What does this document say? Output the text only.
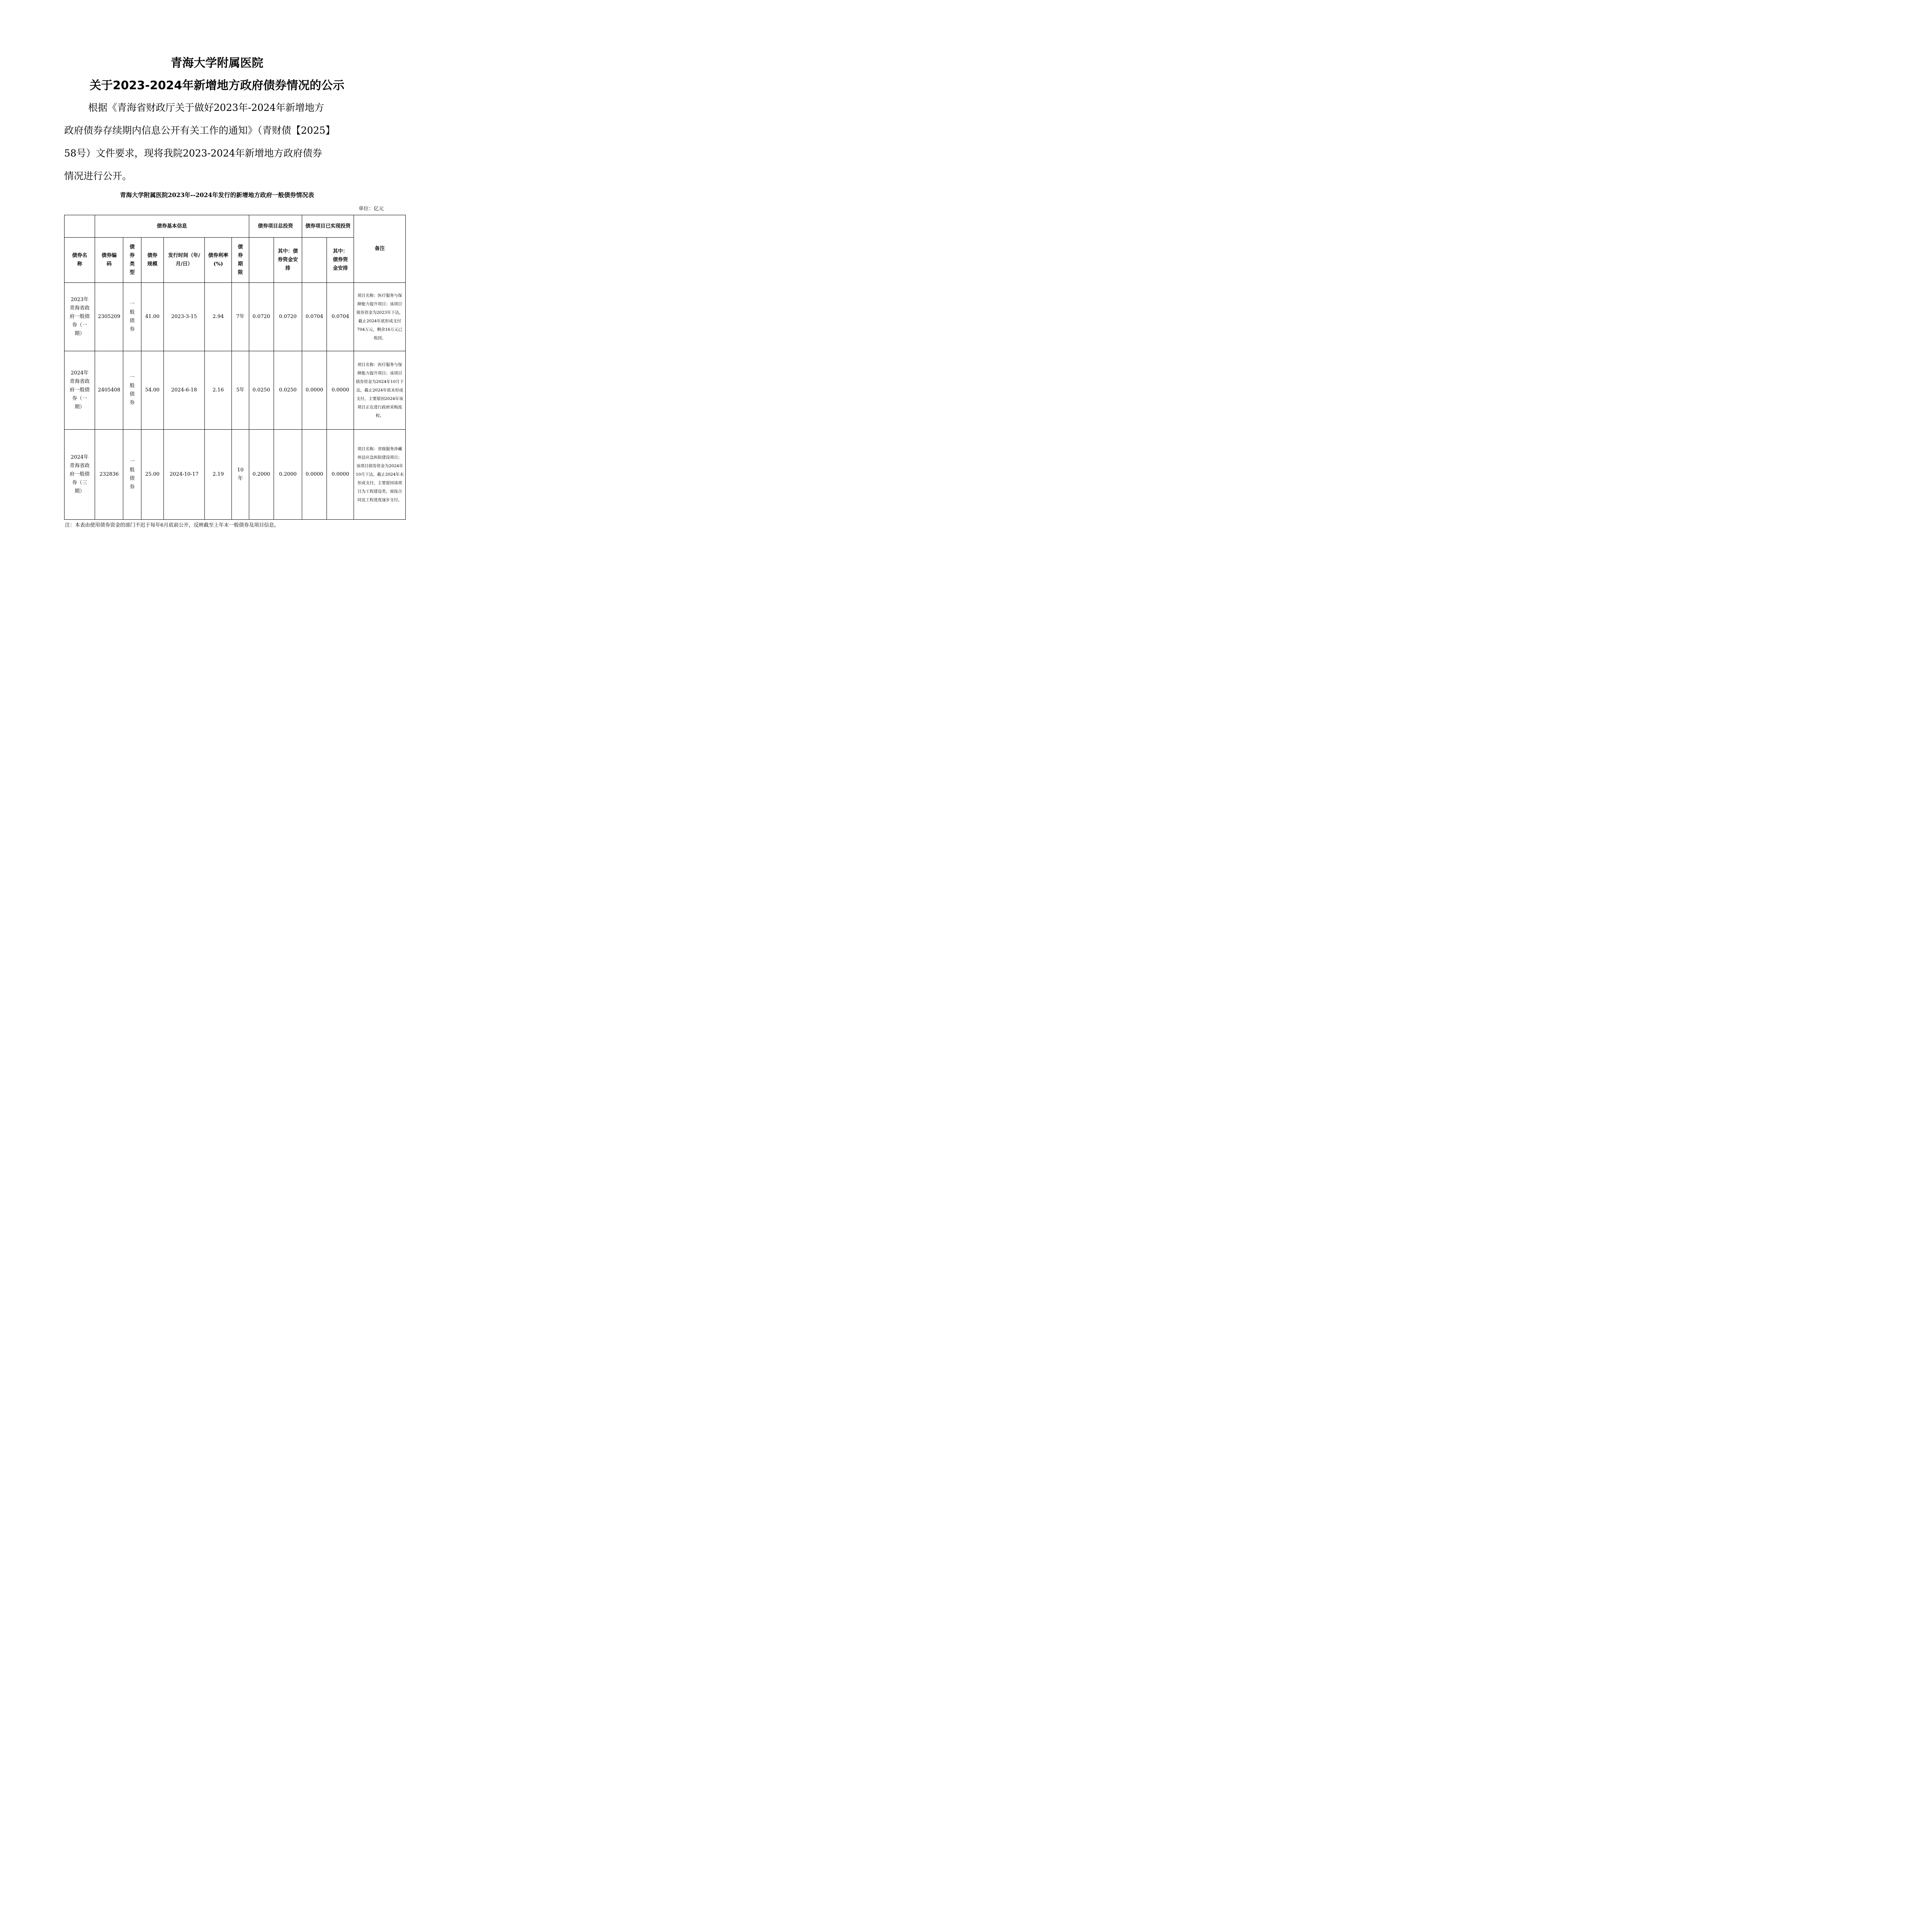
青海大学附属医院
关于2023-2024年新增地方政府债券情况的公示
根据《青海省财政厅关于做好2023年-2024年新增地方
政府债券存续期内信息公开有关工作的通知》（青财债【2025】
58号）文件要求，现将我院2023-2024年新增地方政府债券
情况进行公开。
青海大学附属医院2023年--2024年发行的新增地方政府一般债券情况表
单位：亿元
	债券基本信息						债券项目总投资		债券项目已实现投资		备注
债券名称	债券编码	债券类型	债券规模	发行时间（年/月/日）	债券利率(%)	债券期限		其中：债券资金安排		其中：债券资金安排	
2023年青海省政府一般债券（一期）	2305209	一般债券	41.00	2023-3-15	2.94	7年	0.0720	0.0720	0.0704	0.0704	项目名称：医疗服务与保障能力提升项目；该项目债券资金为2023年下达，截止2024年底形成支付704万元，剩余16万元已收回。
2024年青海省政府一般债券（一期）	2405408	一般债券	54.00	2024-6-18	2.16	5年	0.0250	0.0250	0.0000	0.0000	项目名称：医疗服务与保障能力提升项目；该项目债券资金为2024年10月下达，截止2024年底未形成支付，主要原因2024年该项目正在进行政府采购流程。
2024年青海省政府一般债券（三期）	232836	一般债券	25.00	2024-10-17	2.19	10年	0.2000	0.2000	0.0000	0.0000	项目名称：省级服务涉藏州县应急医院建设项目；该项目债券资金为2024年10月下达，截止2024年未形成支付，主要原因该项目为工程建设类，需按合同及工程进度逐步支付。
注：本表由使用债券资金的部门不迟于每年6月底前公开，反映截至上年末一般债券及项目信息。
